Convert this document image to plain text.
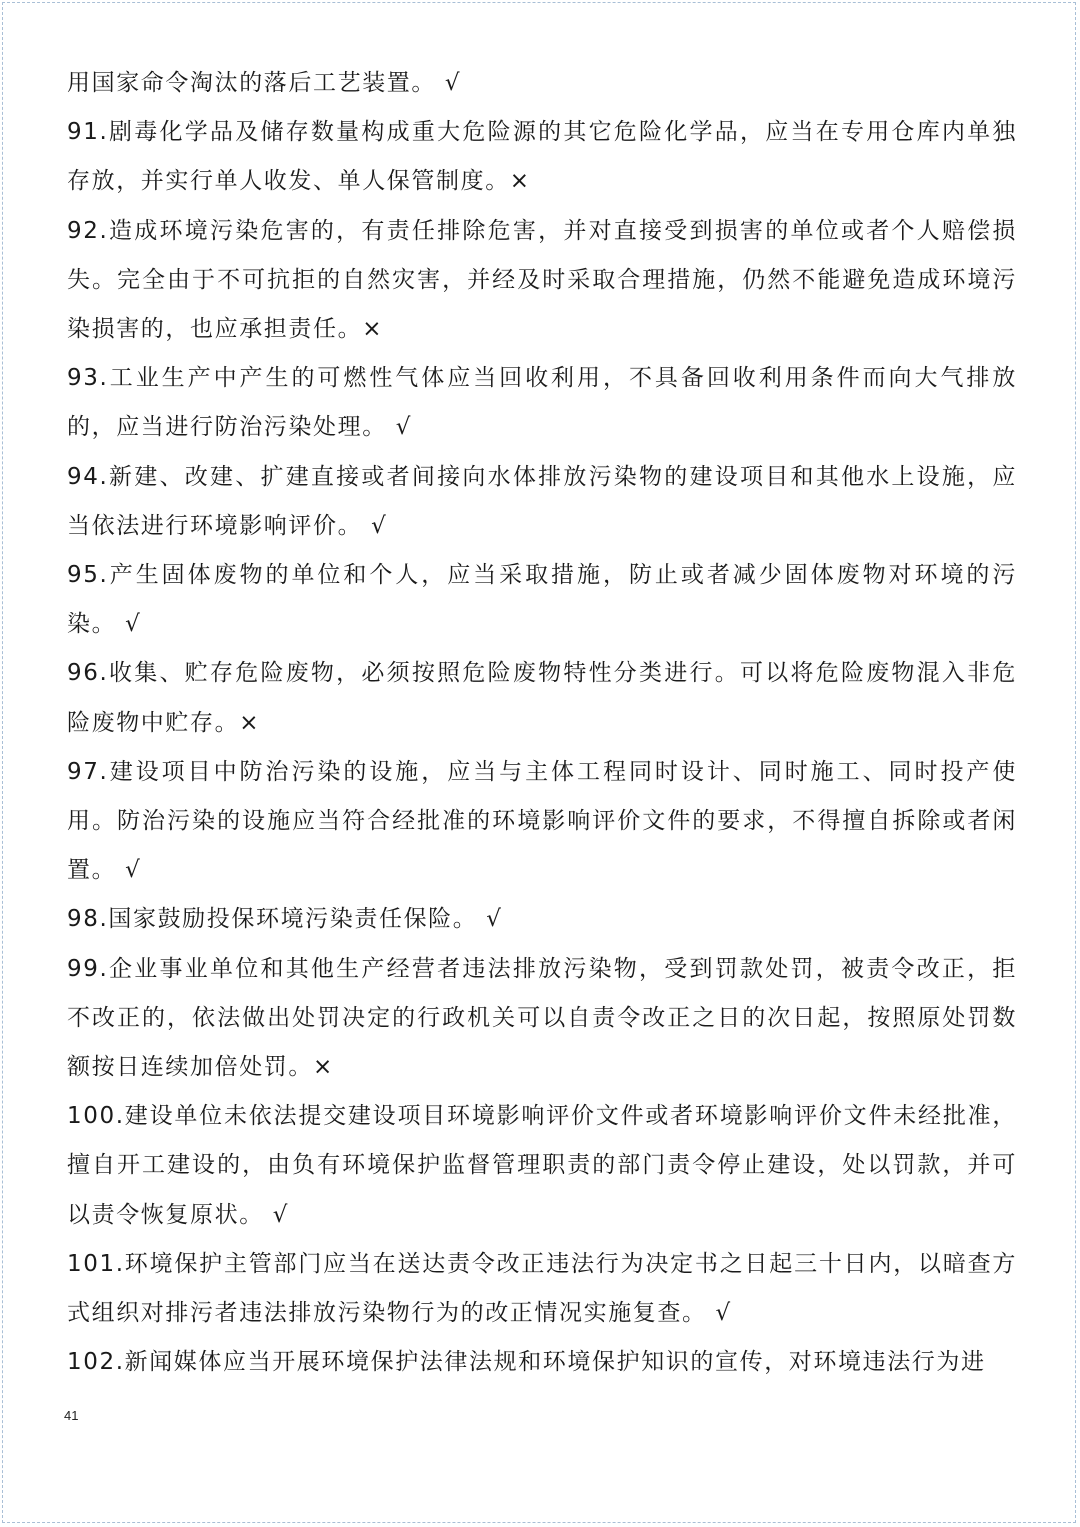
用国家命令淘汰的落后工艺装置。 √

91.剧毒化学品及储存数量构成重大危险源的其它危险化学品，应当在专用仓库内单独存放，并实行单人收发、单人保管制度。×

92.造成环境污染危害的，有责任排除危害，并对直接受到损害的单位或者个人赔偿损失。完全由于不可抗拒的自然灾害，并经及时采取合理措施，仍然不能避免造成环境污染损害的，也应承担责任。×

93.工业生产中产生的可燃性气体应当回收利用，不具备回收利用条件而向大气排放的，应当进行防治污染处理。 √

94.新建、改建、扩建直接或者间接向水体排放污染物的建设项目和其他水上设施，应当依法进行环境影响评价。 √

95.产生固体废物的单位和个人，应当采取措施，防止或者减少固体废物对环境的污染。 √

96.收集、贮存危险废物，必须按照危险废物特性分类进行。可以将危险废物混入非危险废物中贮存。×

97.建设项目中防治污染的设施，应当与主体工程同时设计、同时施工、同时投产使用。防治污染的设施应当符合经批准的环境影响评价文件的要求，不得擅自拆除或者闲置。 √

98.国家鼓励投保环境污染责任保险。 √

99.企业事业单位和其他生产经营者违法排放污染物，受到罚款处罚，被责令改正，拒不改正的，依法做出处罚决定的行政机关可以自责令改正之日的次日起，按照原处罚数额按日连续加倍处罚。×

100.建设单位未依法提交建设项目环境影响评价文件或者环境影响评价文件未经批准，擅自开工建设的，由负有环境保护监督管理职责的部门责令停止建设，处以罚款，并可以责令恢复原状。 √

101.环境保护主管部门应当在送达责令改正违法行为决定书之日起三十日内，以暗查方式组织对排污者违法排放污染物行为的改正情况实施复查。 √

102.新闻媒体应当开展环境保护法律法规和环境保护知识的宣传，对环境违法行为进

41
